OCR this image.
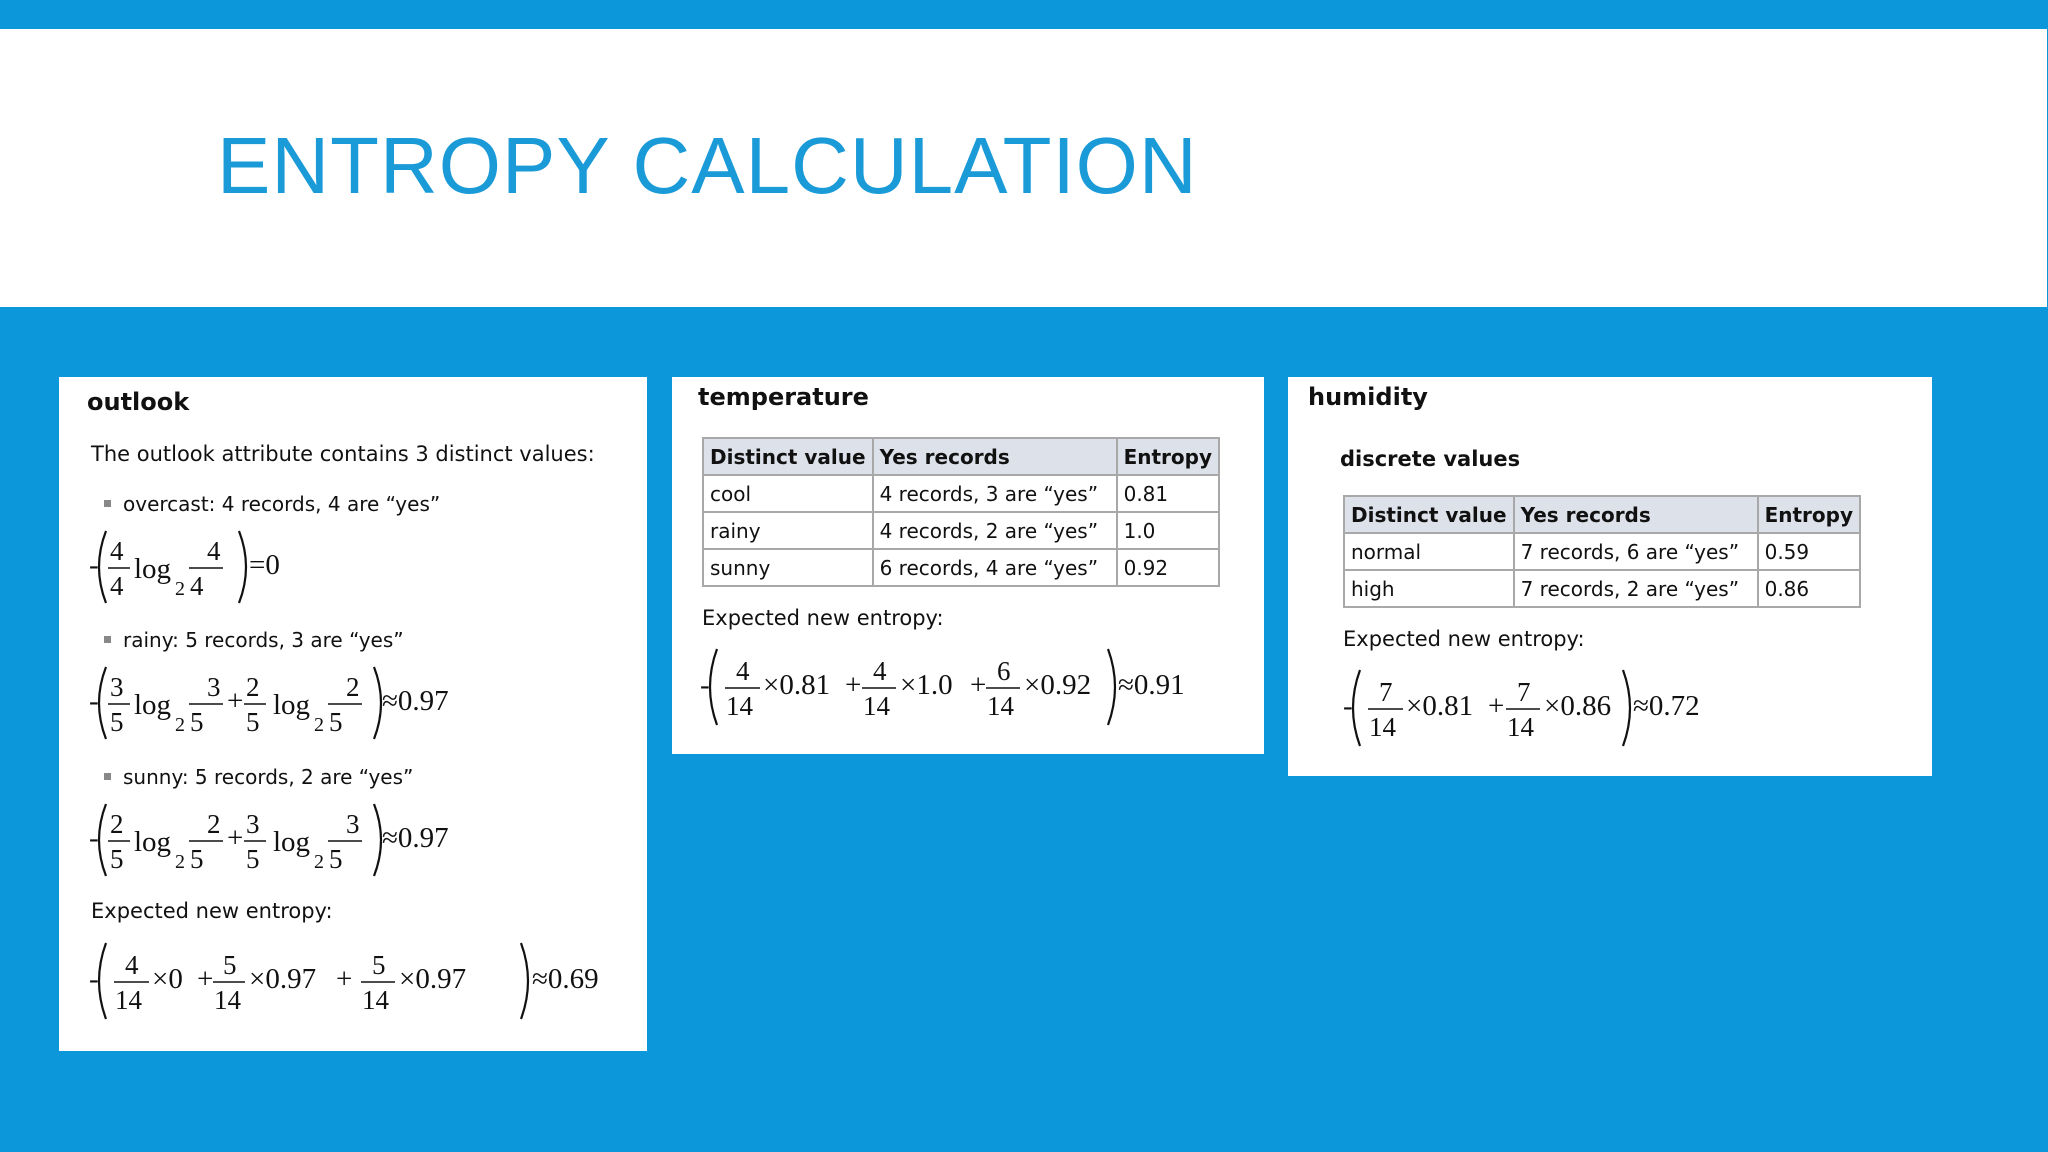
ENTROPY CALCULATION
outlook
The outlook attribute contains 3 distinct values:
overcast: 4 records, 4 are “yes”
- 4
4
log
2
4
4
=0
rainy: 5 records, 3 are “yes”
- 3
5
log
2
3
5
+ 2
5
log
2
2
5
≈0.97
sunny: 5 records, 2 are “yes”
- 2
5
log
2
2
5
+ 3
5
log
2
3
5
≈0.97
Expected new entropy:
- 4
14
×0 + 5
14
×0.97 + 5
14
×0.97 ≈0.69
temperature
Distinct value	Yes records	Entropy
cool	4 records, 3 are “yes”	0.81
rainy	4 records, 2 are “yes”	1.0
sunny	6 records, 4 are “yes”	0.92
Expected new entropy:
- 4
14
×0.81 + 4
14
×1.0 + 6
14
×0.92 ≈0.91
humidity
discrete values
Distinct value	Yes records	Entropy
normal	7 records, 6 are “yes”	0.59
high	7 records, 2 are “yes”	0.86
Expected new entropy:
- 7
14
×0.81 + 7
14
×0.86 ≈0.72
